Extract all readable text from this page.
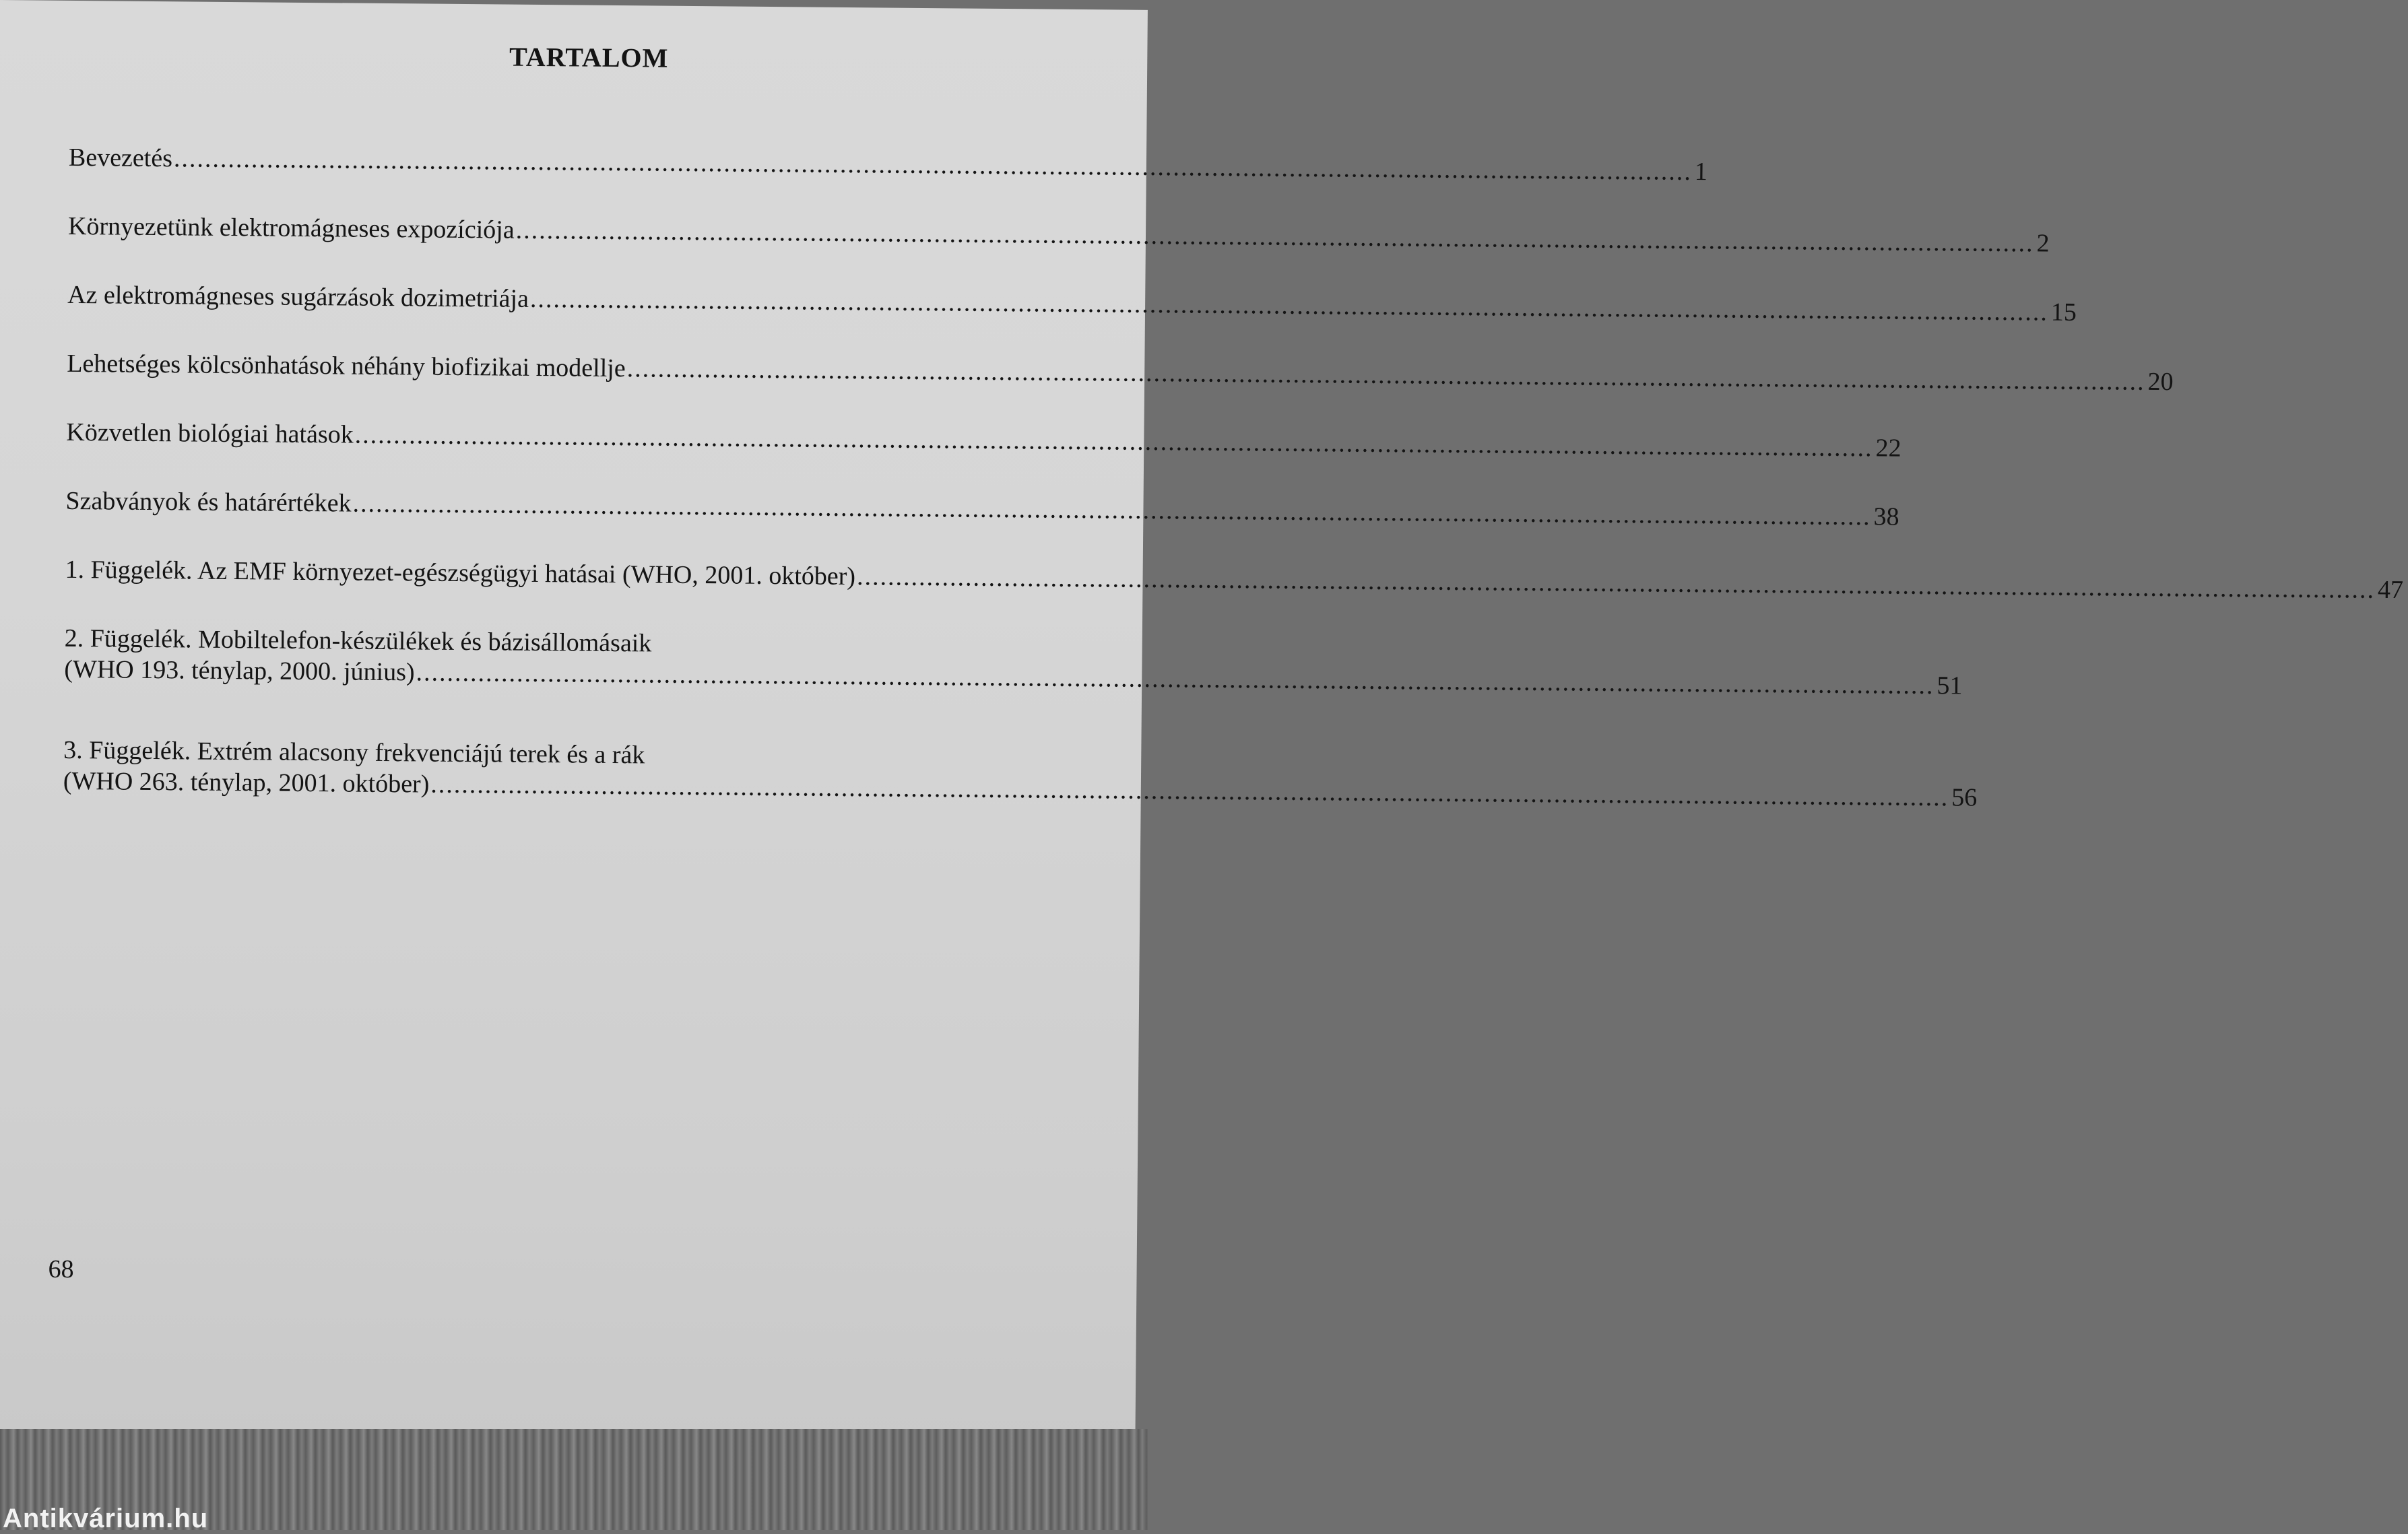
TARTALOM
Bevezetés .................................................................................................................................................................................................... 1
Környezetünk elektromágneses expozíciója .................................................................................................................................................................................................... 2
Az elektromágneses sugárzások dozimetriája .................................................................................................................................................................................................... 15
Lehetséges kölcsönhatások néhány biofizikai modellje .................................................................................................................................................................................................... 20
Közvetlen biológiai hatások .................................................................................................................................................................................................... 22
Szabványok és határértékek .................................................................................................................................................................................................... 38
1. Függelék. Az EMF környezet-egészségügyi hatásai (WHO, 2001. október) .................................................................................................................................................................................................... 47
2. Függelék. Mobiltelefon-készülékek és bázisállomásaik
(WHO 193. ténylap, 2000. június) .................................................................................................................................................................................................... 51
3. Függelék. Extrém alacsony frekvenciájú terek és a rák
(WHO 263. ténylap, 2001. október) .................................................................................................................................................................................................... 56
68
Antikvárium.hu
